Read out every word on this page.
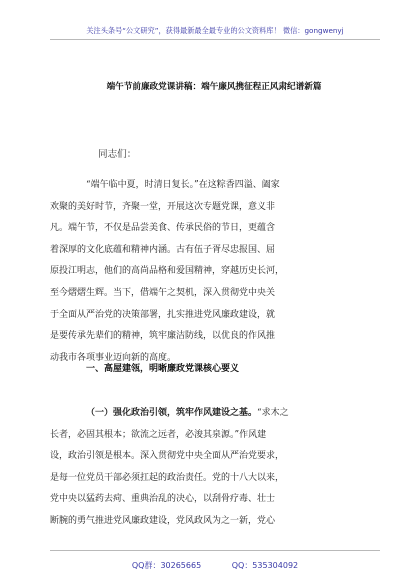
关注头条号“公文研究”，获得最新最全最专业的公文资料库！ 微信：gongwenyj
端午节前廉政党课讲稿：端午廉风携征程正风肃纪谱新篇
同志们：
“端午临中夏，时清日复长。”在这粽香四溢、阖家
欢聚的美好时节，齐聚一堂，开展这次专题党课，意义非
凡。端午节，不仅是品尝美食、传承民俗的节日，更蕴含
着深厚的文化底蕴和精神内涵。古有伍子胥尽忠报国、屈
原投江明志，他们的高尚品格和爱国精神，穿越历史长河，
至今熠熠生辉。当下，借端午之契机，深入贯彻党中央关
于全面从严治党的决策部署，扎实推进党风廉政建设，就
是要传承先辈们的精神，筑牢廉洁防线，以优良的作风推
动我市各项事业迈向新的高度。
一、高屋建瓴，明晰廉政党课核心要义
（一）强化政治引领，筑牢作风建设之基。“求木之
长者，必固其根本；欲流之远者，必浚其泉源。”作风建
设，政治引领是根本。深入贯彻党中央全面从严治党要求，
是每一位党员干部必须扛起的政治责任。党的十八大以来，
党中央以猛药去疴、重典治乱的决心，以刮骨疗毒、壮士
断腕的勇气推进党风廉政建设，党风政风为之一新，党心
QQ群：30265665	QQ：535304092
